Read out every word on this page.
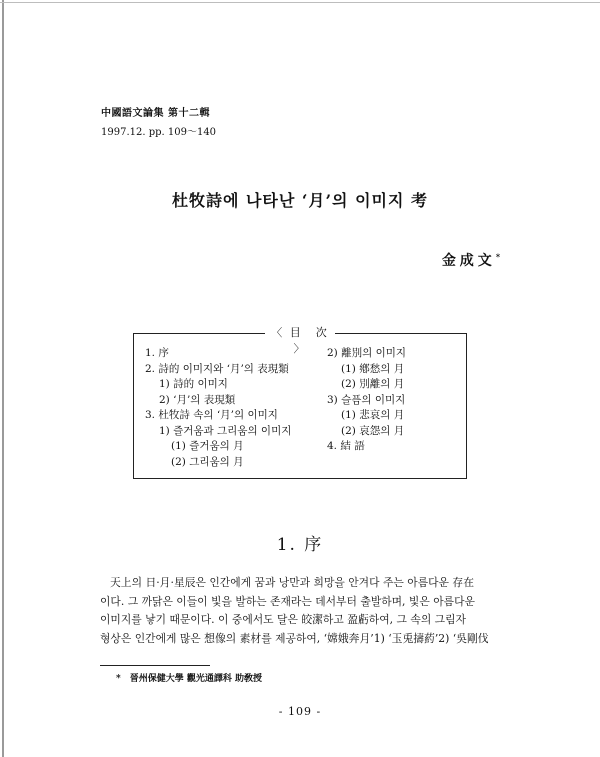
中國語文論集 第十二輯
1997.12. pp. 109～140
杜牧詩에 나타난 ‘月’의 이미지 考
金成文*
〈 目　次 〉
1. 序
2. 詩的 이미지와 ‘月’의 表現類
1) 詩的 이미지
2) ‘月’의 表現類
3. 杜牧詩 속의 ‘月’의 이미지
1) 즐거움과 그리움의 이미지
(1) 즐거움의 月
(2) 그리움의 月
2) 離別의 이미지
(1) 鄕愁의 月
(2) 別離의 月
3) 슬픔의 이미지
(1) 悲哀의 月
(2) 哀怨의 月
4. 結 語
1. 序
天上의 日·月·星辰은 인간에게 꿈과 낭만과 희망을 안겨다 주는 아름다운 存在
이다. 그 까닭은 이들이 빛을 발하는 존재라는 데서부터 출발하며, 빛은 아름다운
이미지를 낳기 때문이다. 이 중에서도 달은 皎潔하고 盈虧하여, 그 속의 그림자
형상은 인간에게 많은 想像의 素材를 제공하여, ‘嫦娥奔月’1) ‘玉兎擣葯’2) ‘吳剛伐
*　晉州保健大學 觀光通譯科 助敎授
- 109 -
